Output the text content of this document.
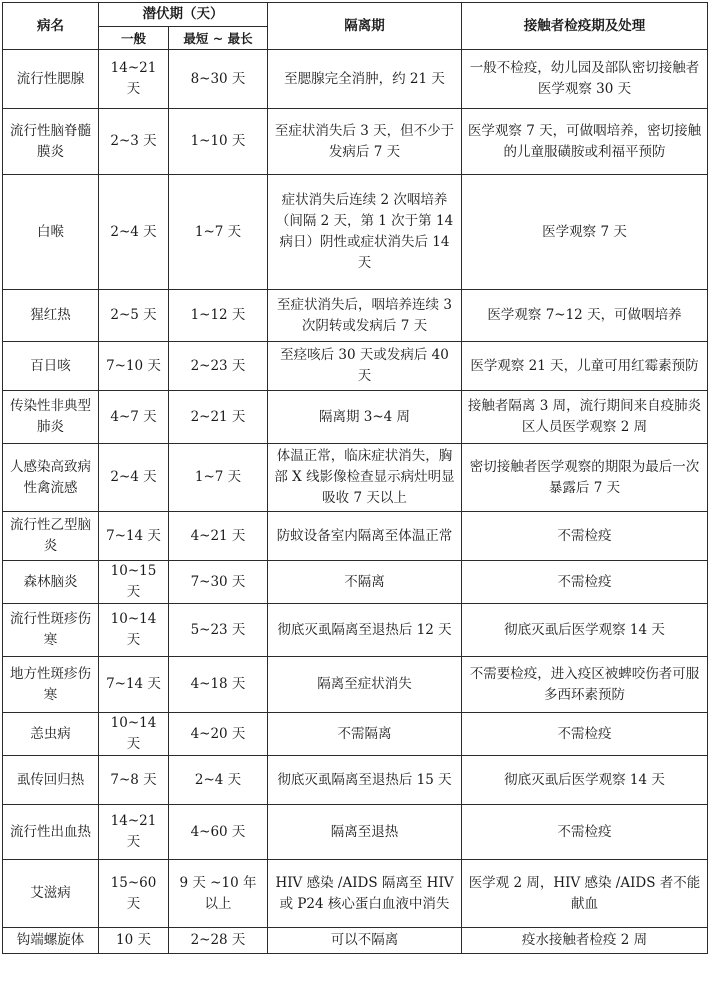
病名	潜伏期（天）		隔离期	接触者检疫期及处理
	一般	最短 ~ 最长		
流行性腮腺	14~21 天	8~30 天	至腮腺完全消肿，约 21 天	一般不检疫，幼儿园及部队密切接触者医学观察 30 天
流行性脑脊髓膜炎	2~3 天	1~10 天	至症状消失后 3 天，但不少于发病后 7 天	医学观察 7 天，可做咽培养，密切接触的儿童服磺胺或利福平预防
白喉	2~4 天	1~7 天	症状消失后连续 2 次咽培养（间隔 2 天，第 1 次于第 14 病日）阴性或症状消失后 14 天	医学观察 7 天
猩红热	2~5 天	1~12 天	至症状消失后，咽培养连续 3 次阴转或发病后 7 天	医学观察 7~12 天，可做咽培养
百日咳	7~10 天	2~23 天	至痉咳后 30 天或发病后 40 天	医学观察 21 天，儿童可用红霉素预防
传染性非典型肺炎	4~7 天	2~21 天	隔离期 3~4 周	接触者隔离 3 周，流行期间来自疫肺炎区人员医学观察 2 周
人感染高致病性禽流感	2~4 天	1~7 天	体温正常，临床症状消失，胸部 X 线影像检查显示病灶明显吸收 7 天以上	密切接触者医学观察的期限为最后一次暴露后 7 天
流行性乙型脑炎	7~14 天	4~21 天	防蚊设备室内隔离至体温正常	不需检疫
森林脑炎	10~15 天	7~30 天	不隔离	不需检疫
流行性斑疹伤寒	10~14 天	5~23 天	彻底灭虱隔离至退热后 12 天	彻底灭虱后医学观察 14 天
地方性斑疹伤寒	7~14 天	4~18 天	隔离至症状消失	不需要检疫，进入疫区被蜱咬伤者可服多西环素预防
恙虫病	10~14 天	4~20 天	不需隔离	不需检疫
虱传回归热	7~8 天	2~4 天	彻底灭虱隔离至退热后 15 天	彻底灭虱后医学观察 14 天
流行性出血热	14~21 天	4~60 天	隔离至退热	不需检疫
艾滋病	15~60 天	9 天 ~10 年以上	HIV 感染 /AIDS 隔离至 HIV 或 P24 核心蛋白血液中消失	医学观 2 周，HIV 感染 /AIDS 者不能献血
钩端螺旋体	10 天	2~28 天	可以不隔离	疫水接触者检疫 2 周
